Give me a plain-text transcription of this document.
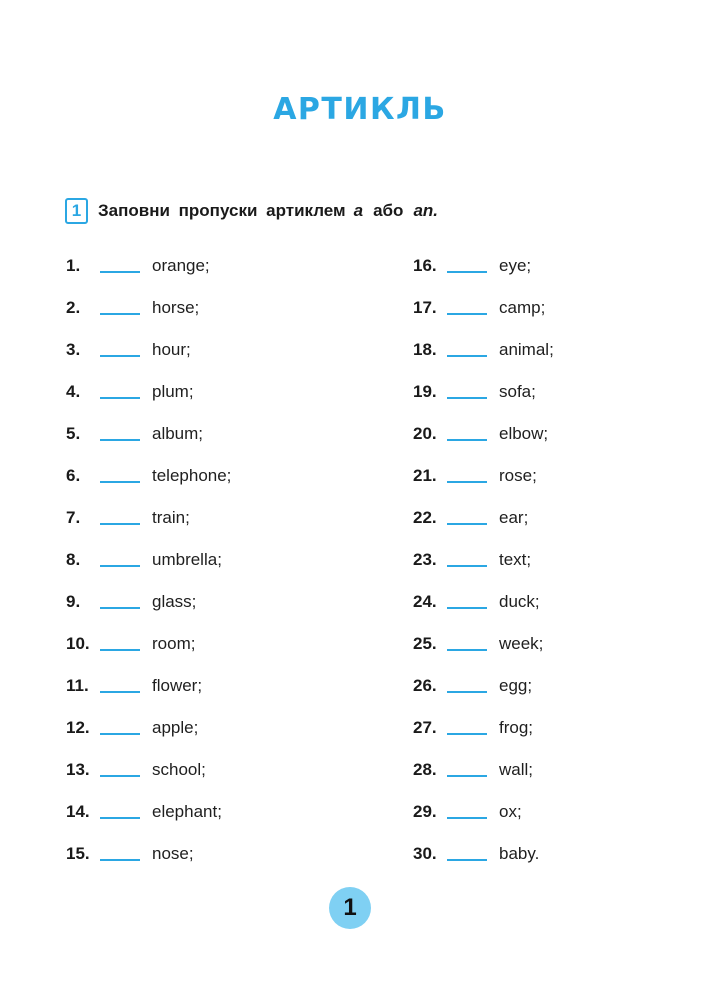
АРТИКЛЬ
1 Заповни пропуски артиклем a або an.
1.	orange;
2.	horse;
3.	hour;
4.	plum;
5.	album;
6.	telephone;
7.	train;
8.	umbrella;
9.	glass;
10.	room;
11.	flower;
12.	apple;
13.	school;
14.	elephant;
15.	nose;
16.	eye;
17.	camp;
18.	animal;
19.	sofa;
20.	elbow;
21.	rose;
22.	ear;
23.	text;
24.	duck;
25.	week;
26.	egg;
27.	frog;
28.	wall;
29.	ox;
30.	baby.
1
